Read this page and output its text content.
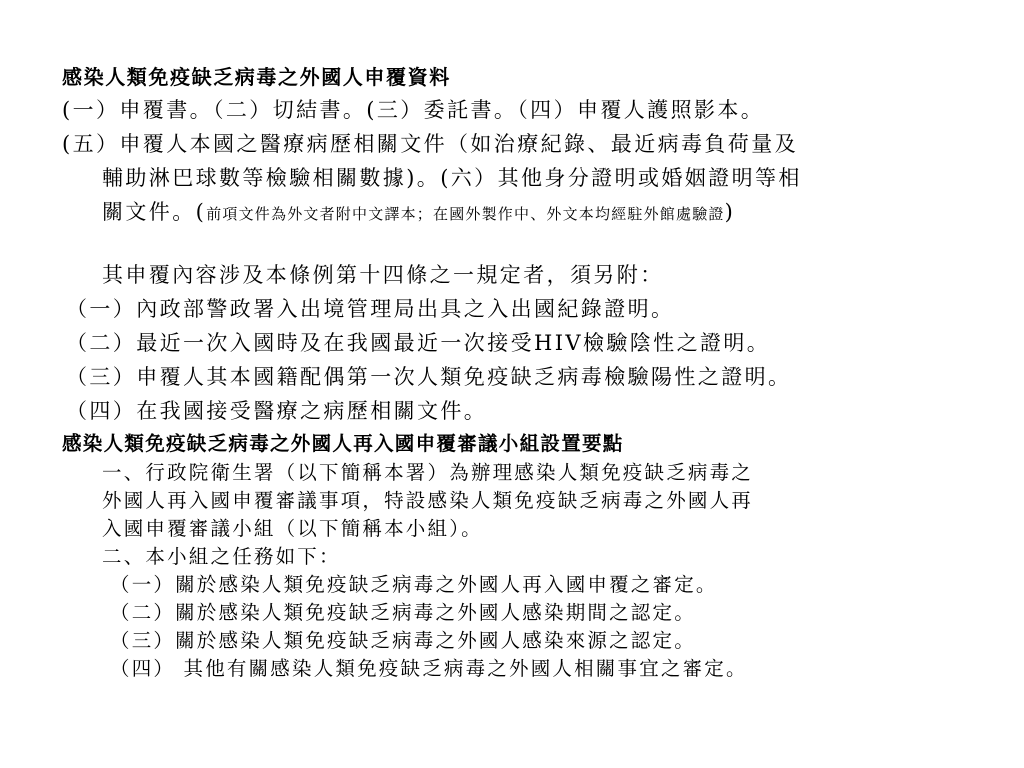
感染人類免疫缺乏病毒之外國人申覆資料
(一）申覆書。（二）切結書。(三）委託書。（四）申覆人護照影本。
(五）申覆人本國之醫療病歷相關文件（如治療紀錄、最近病毒負荷量及
輔助淋巴球數等檢驗相關數據)。(六）其他身分證明或婚姻證明等相
關文件。(前項文件為外文者附中文譯本；在國外製作中、外文本均經駐外館處驗證)
其申覆內容涉及本條例第十四條之一規定者，須另附：
（一）內政部警政署入出境管理局出具之入出國紀錄證明。
（二）最近一次入國時及在我國最近一次接受HIV檢驗陰性之證明。
（三）申覆人其本國籍配偶第一次人類免疫缺乏病毒檢驗陽性之證明。
（四）在我國接受醫療之病歷相關文件。
感染人類免疫缺乏病毒之外國人再入國申覆審議小組設置要點
一、行政院衛生署（以下簡稱本署）為辦理感染人類免疫缺乏病毒之
外國人再入國申覆審議事項，特設感染人類免疫缺乏病毒之外國人再
入國申覆審議小組（以下簡稱本小組）。
二、本小組之任務如下：
（一）關於感染人類免疫缺乏病毒之外國人再入國申覆之審定。
（二）關於感染人類免疫缺乏病毒之外國人感染期間之認定。
（三）關於感染人類免疫缺乏病毒之外國人感染來源之認定。
（四） 其他有關感染人類免疫缺乏病毒之外國人相關事宜之審定。
